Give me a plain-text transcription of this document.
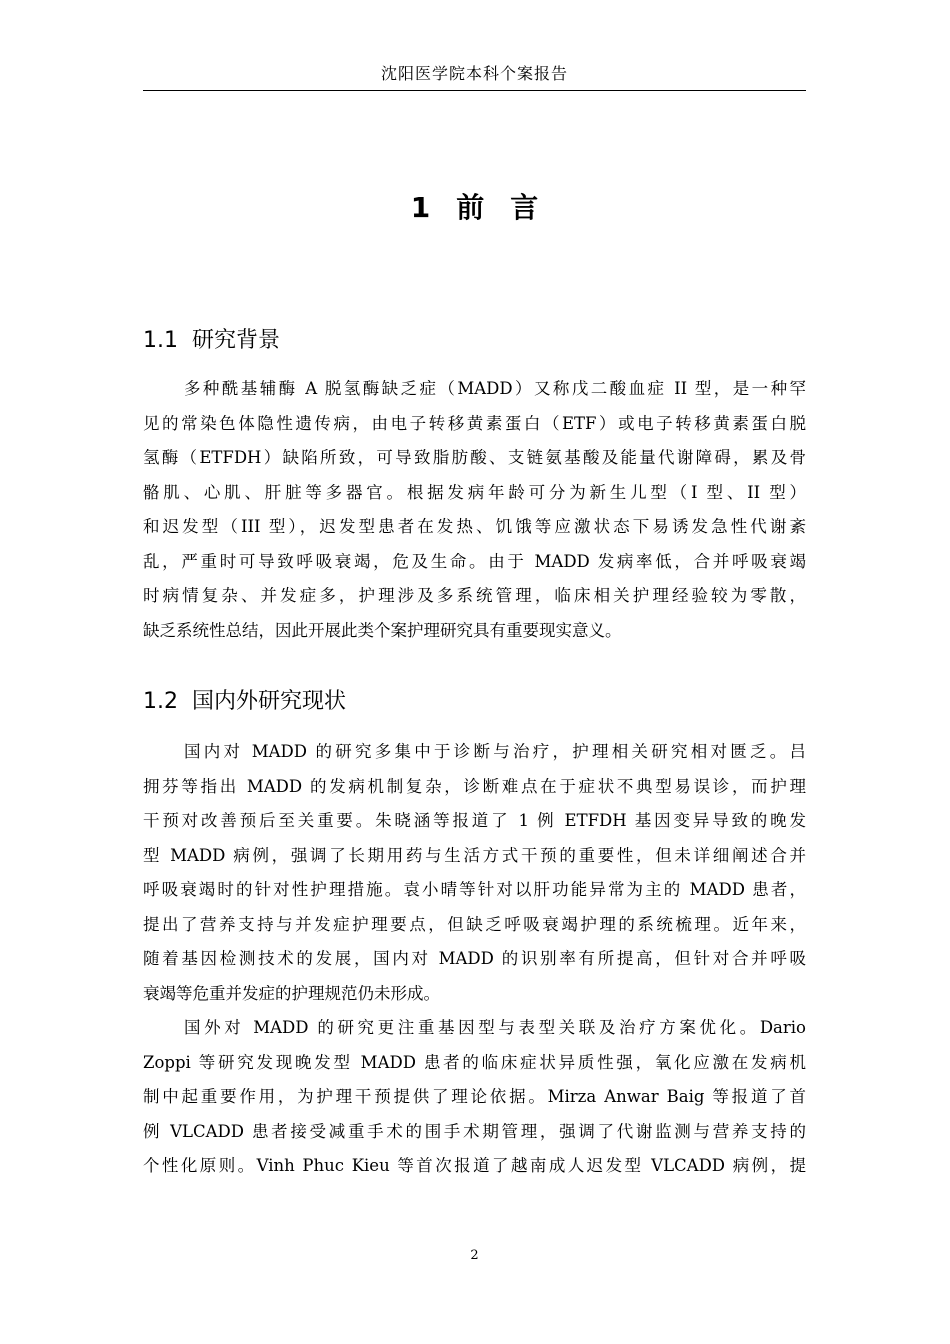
沈阳医学院本科个案报告
1 前 言
1.1 研究背景
多种酰基辅酶 A 脱氢酶缺乏症（MADD）又称戊二酸血症 II 型，是一种罕
见的常染色体隐性遗传病，由电子转移黄素蛋白（ETF）或电子转移黄素蛋白脱
氢酶（ETFDH）缺陷所致，可导致脂肪酸、支链氨基酸及能量代谢障碍，累及骨
骼肌、心肌、肝脏等多器官。根据发病年龄可分为新生儿型（I 型、II 型）
和迟发型（III 型），迟发型患者在发热、饥饿等应激状态下易诱发急性代谢紊
乱，严重时可导致呼吸衰竭，危及生命。由于 MADD 发病率低，合并呼吸衰竭
时病情复杂、并发症多，护理涉及多系统管理，临床相关护理经验较为零散，
缺乏系统性总结，因此开展此类个案护理研究具有重要现实意义。
1.2 国内外研究现状
国内对 MADD 的研究多集中于诊断与治疗，护理相关研究相对匮乏。吕
拥芬等指出 MADD 的发病机制复杂，诊断难点在于症状不典型易误诊，而护理
干预对改善预后至关重要。朱晓涵等报道了 1 例 ETFDH 基因变异导致的晚发
型 MADD 病例，强调了长期用药与生活方式干预的重要性，但未详细阐述合并
呼吸衰竭时的针对性护理措施。袁小晴等针对以肝功能异常为主的 MADD 患者，
提出了营养支持与并发症护理要点，但缺乏呼吸衰竭护理的系统梳理。近年来，
随着基因检测技术的发展，国内对 MADD 的识别率有所提高，但针对合并呼吸
衰竭等危重并发症的护理规范仍未形成。
国外对 MADD 的研究更注重基因型与表型关联及治疗方案优化。Dario
Zoppi 等研究发现晚发型 MADD 患者的临床症状异质性强，氧化应激在发病机
制中起重要作用，为护理干预提供了理论依据。Mirza Anwar Baig 等报道了首
例 VLCADD 患者接受减重手术的围手术期管理，强调了代谢监测与营养支持的
个性化原则。Vinh Phuc Kieu 等首次报道了越南成人迟发型 VLCADD 病例，提
2
